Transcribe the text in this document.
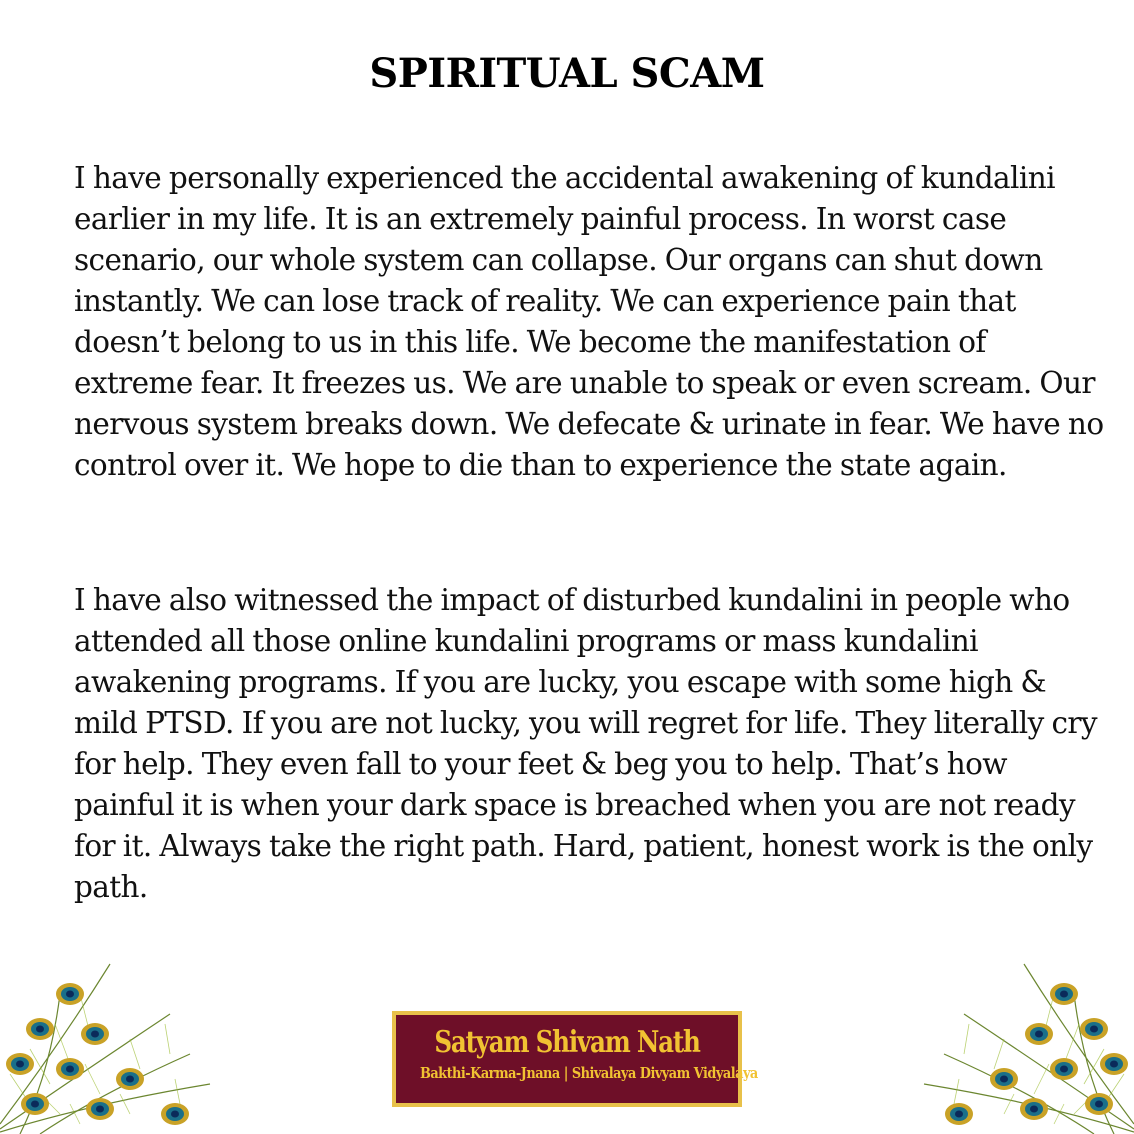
SPIRITUAL SCAM

I have personally experienced the accidental awakening of kundalini earlier in my life. It is an extremely painful process. In worst case scenario, our whole system can collapse. Our organs can shut down instantly. We can lose track of reality. We can experience pain that doesn’t belong to us in this life. We become the manifestation of extreme fear. It freezes us. We are unable to speak or even scream. Our nervous system breaks down. We defecate & urinate in fear. We have no control over it. We hope to die than to experience the state again.

I have also witnessed the impact of disturbed kundalini in people who attended all those online kundalini programs or mass kundalini awakening programs. If you are lucky, you escape with some high & mild PTSD. If you are not lucky, you will regret for life. They literally cry for help. They even fall to your feet & beg you to help. That’s how painful it is when your dark space is breached when you are not ready for it. Always take the right path. Hard, patient, honest work is the only path.

Satyam Shivam Nath
Bakthi-Karma-Jnana | Shivalaya Divyam Vidyalaya
